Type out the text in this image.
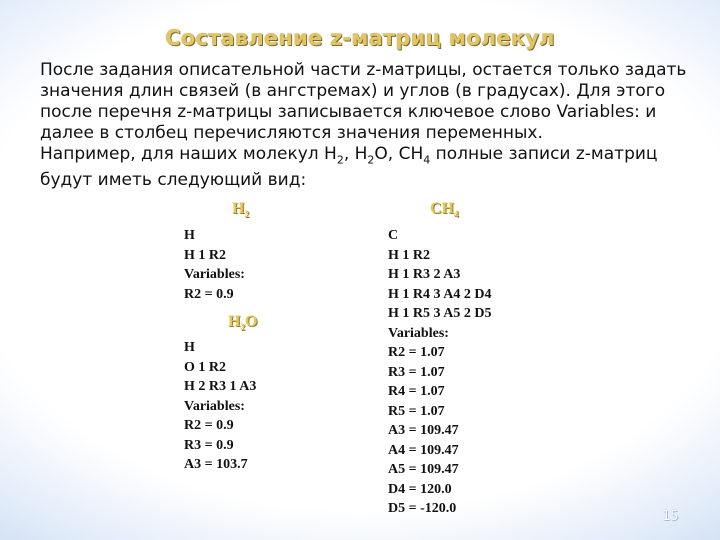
Составление z-матриц молекул

После задания описательной части z-матрицы, остается только задать значения длин связей (в ангстремах) и углов (в градусах). Для этого после перечня z-матрицы записывается ключевое слово Variables: и далее в столбец перечисляются значения переменных.

Например, для наших молекул $H_2$, $H_2O$, $CH_4$ полные записи z-матриц будут иметь следующий вид:

$H_2$
H
H 1 R2
Variables:
R2 = 0.9
$H_2O$
H
O 1 R2
H 2 R3 1 A3
Variables:
R2 = 0.9
R3 = 0.9
A3 = 103.7
$CH_4$
C
H 1 R2
H 1 R3 2 A3
H 1 R4 3 A4 2 D4
H 1 R5 3 A5 2 D5
Variables:
R2 = 1.07
R3 = 1.07
R4 = 1.07
R5 = 1.07
A3 = 109.47
A4 = 109.47
A5 = 109.47
D4 = 120.0
D5 = -120.0
15
